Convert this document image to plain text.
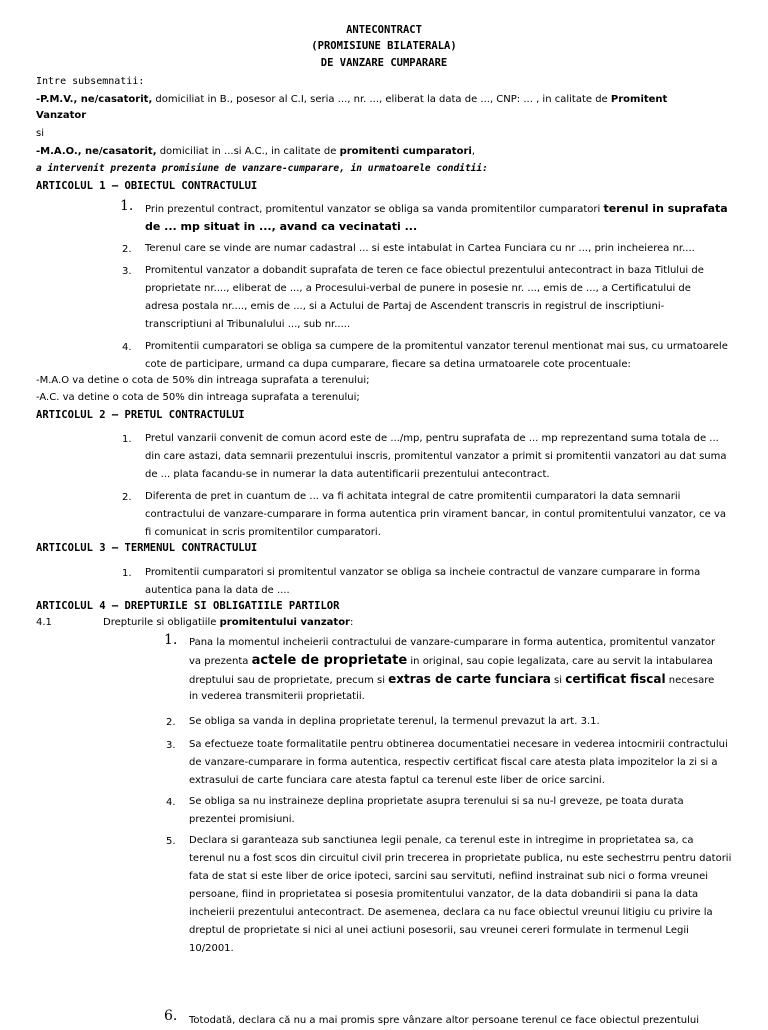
ANTECONTRACT
(PROMISIUNE BILATERALA)
DE VANZARE CUMPARARE
Intre subsemnatii:
-P.M.V., ne/casatorit, domiciliat in B., posesor al C.I, seria ..., nr. ..., eliberat la data de ..., CNP: ... , in calitate de Promitent
Vanzator
si
-M.A.O., ne/casatorit, domiciliat in ...si A.C., in calitate de promitenti cumparatori,
a intervenit prezenta promisiune de vanzare-cumparare, in urmatoarele conditii:
ARTICOLUL 1 – OBIECTUL CONTRACTULUI
1. Prin prezentul contract, promitentul vanzator se obliga sa vanda promitentilor cumparatori terenul in suprafata
de ... mp situat in ..., avand ca vecinatati ...
2. Terenul care se vinde are numar cadastral ... si este intabulat in Cartea Funciara cu nr ..., prin incheierea nr....
3. Promitentul vanzator a dobandit suprafata de teren ce face obiectul prezentului antecontract in baza Titlului de
proprietate nr...., eliberat de ..., a Procesului-verbal de punere in posesie nr. ..., emis de ..., a Certificatului de
adresa postala nr...., emis de ..., si a Actului de Partaj de Ascendent transcris in registrul de inscriptiuni-
transcriptiuni al Tribunalului ..., sub nr.....
4. Promitentii cumparatori se obliga sa cumpere de la promitentul vanzator terenul mentionat mai sus, cu urmatoarele
cote de participare, urmand ca dupa cumparare, fiecare sa detina urmatoarele cote procentuale:
-M.A.O va detine o cota de 50% din intreaga suprafata a terenului;
-A.C. va detine o cota de 50% din intreaga suprafata a terenului;
ARTICOLUL 2 – PRETUL CONTRACTULUI
1. Pretul vanzarii convenit de comun acord este de .../mp, pentru suprafata de ... mp reprezentand suma totala de ...
din care astazi, data semnarii prezentului inscris, promitentul vanzator a primit si promitentii vanzatori au dat suma
de ... plata facandu-se in numerar la data autentificarii prezentului antecontract.
2. Diferenta de pret in cuantum de ... va fi achitata integral de catre promitentii cumparatori la data semnarii
contractului de vanzare-cumparare in forma autentica prin virament bancar, in contul promitentului vanzator, ce va
fi comunicat in scris promitentilor cumparatori.
ARTICOLUL 3 – TERMENUL CONTRACTULUI
1. Promitentii cumparatori si promitentul vanzator se obliga sa incheie contractul de vanzare cumparare in forma
autentica pana la data de ....
ARTICOLUL 4 – DREPTURILE SI OBLIGATIILE PARTILOR
4.1	Drepturile si obligatiile promitentului vanzator:
1. Pana la momentul incheierii contractului de vanzare-cumparare in forma autentica, promitentul vanzator
va prezenta actele de proprietate in original, sau copie legalizata, care au servit la intabularea
dreptului sau de proprietate, precum si extras de carte funciara si certificat fiscal necesare
in vederea transmiterii proprietatii.
2. Se obliga sa vanda in deplina proprietate terenul, la termenul prevazut la art. 3.1.
3. Sa efectueze toate formalitatile pentru obtinerea documentatiei necesare in vederea intocmirii contractului
de vanzare-cumparare in forma autentica, respectiv certificat fiscal care atesta plata impozitelor la zi si a
extrasului de carte funciara care atesta faptul ca terenul este liber de orice sarcini.
4. Se obliga sa nu instraineze deplina proprietate asupra terenului si sa nu-l greveze, pe toata durata
prezentei promisiuni.
5. Declara si garanteaza sub sanctiunea legii penale, ca terenul este in intregime in proprietatea sa, ca
terenul nu a fost scos din circuitul civil prin trecerea in proprietate publica, nu este sechestrru pentru datorii
fata de stat si este liber de orice ipoteci, sarcini sau servituti, nefiind instrainat sub nici o forma vreunei
persoane, fiind in proprietatea si posesia promitentului vanzator, de la data dobandirii si pana la data
incheierii prezentului antecontract. De asemenea, declara ca nu face obiectul vreunui litigiu cu privire la
dreptul de proprietate si nici al unei actiuni posesorii, sau vreunei cereri formulate in termenul Legii
10/2001.
6. Totodată, declara că nu a mai promis spre vânzare altor persoane terenul ce face obiectul prezentului
